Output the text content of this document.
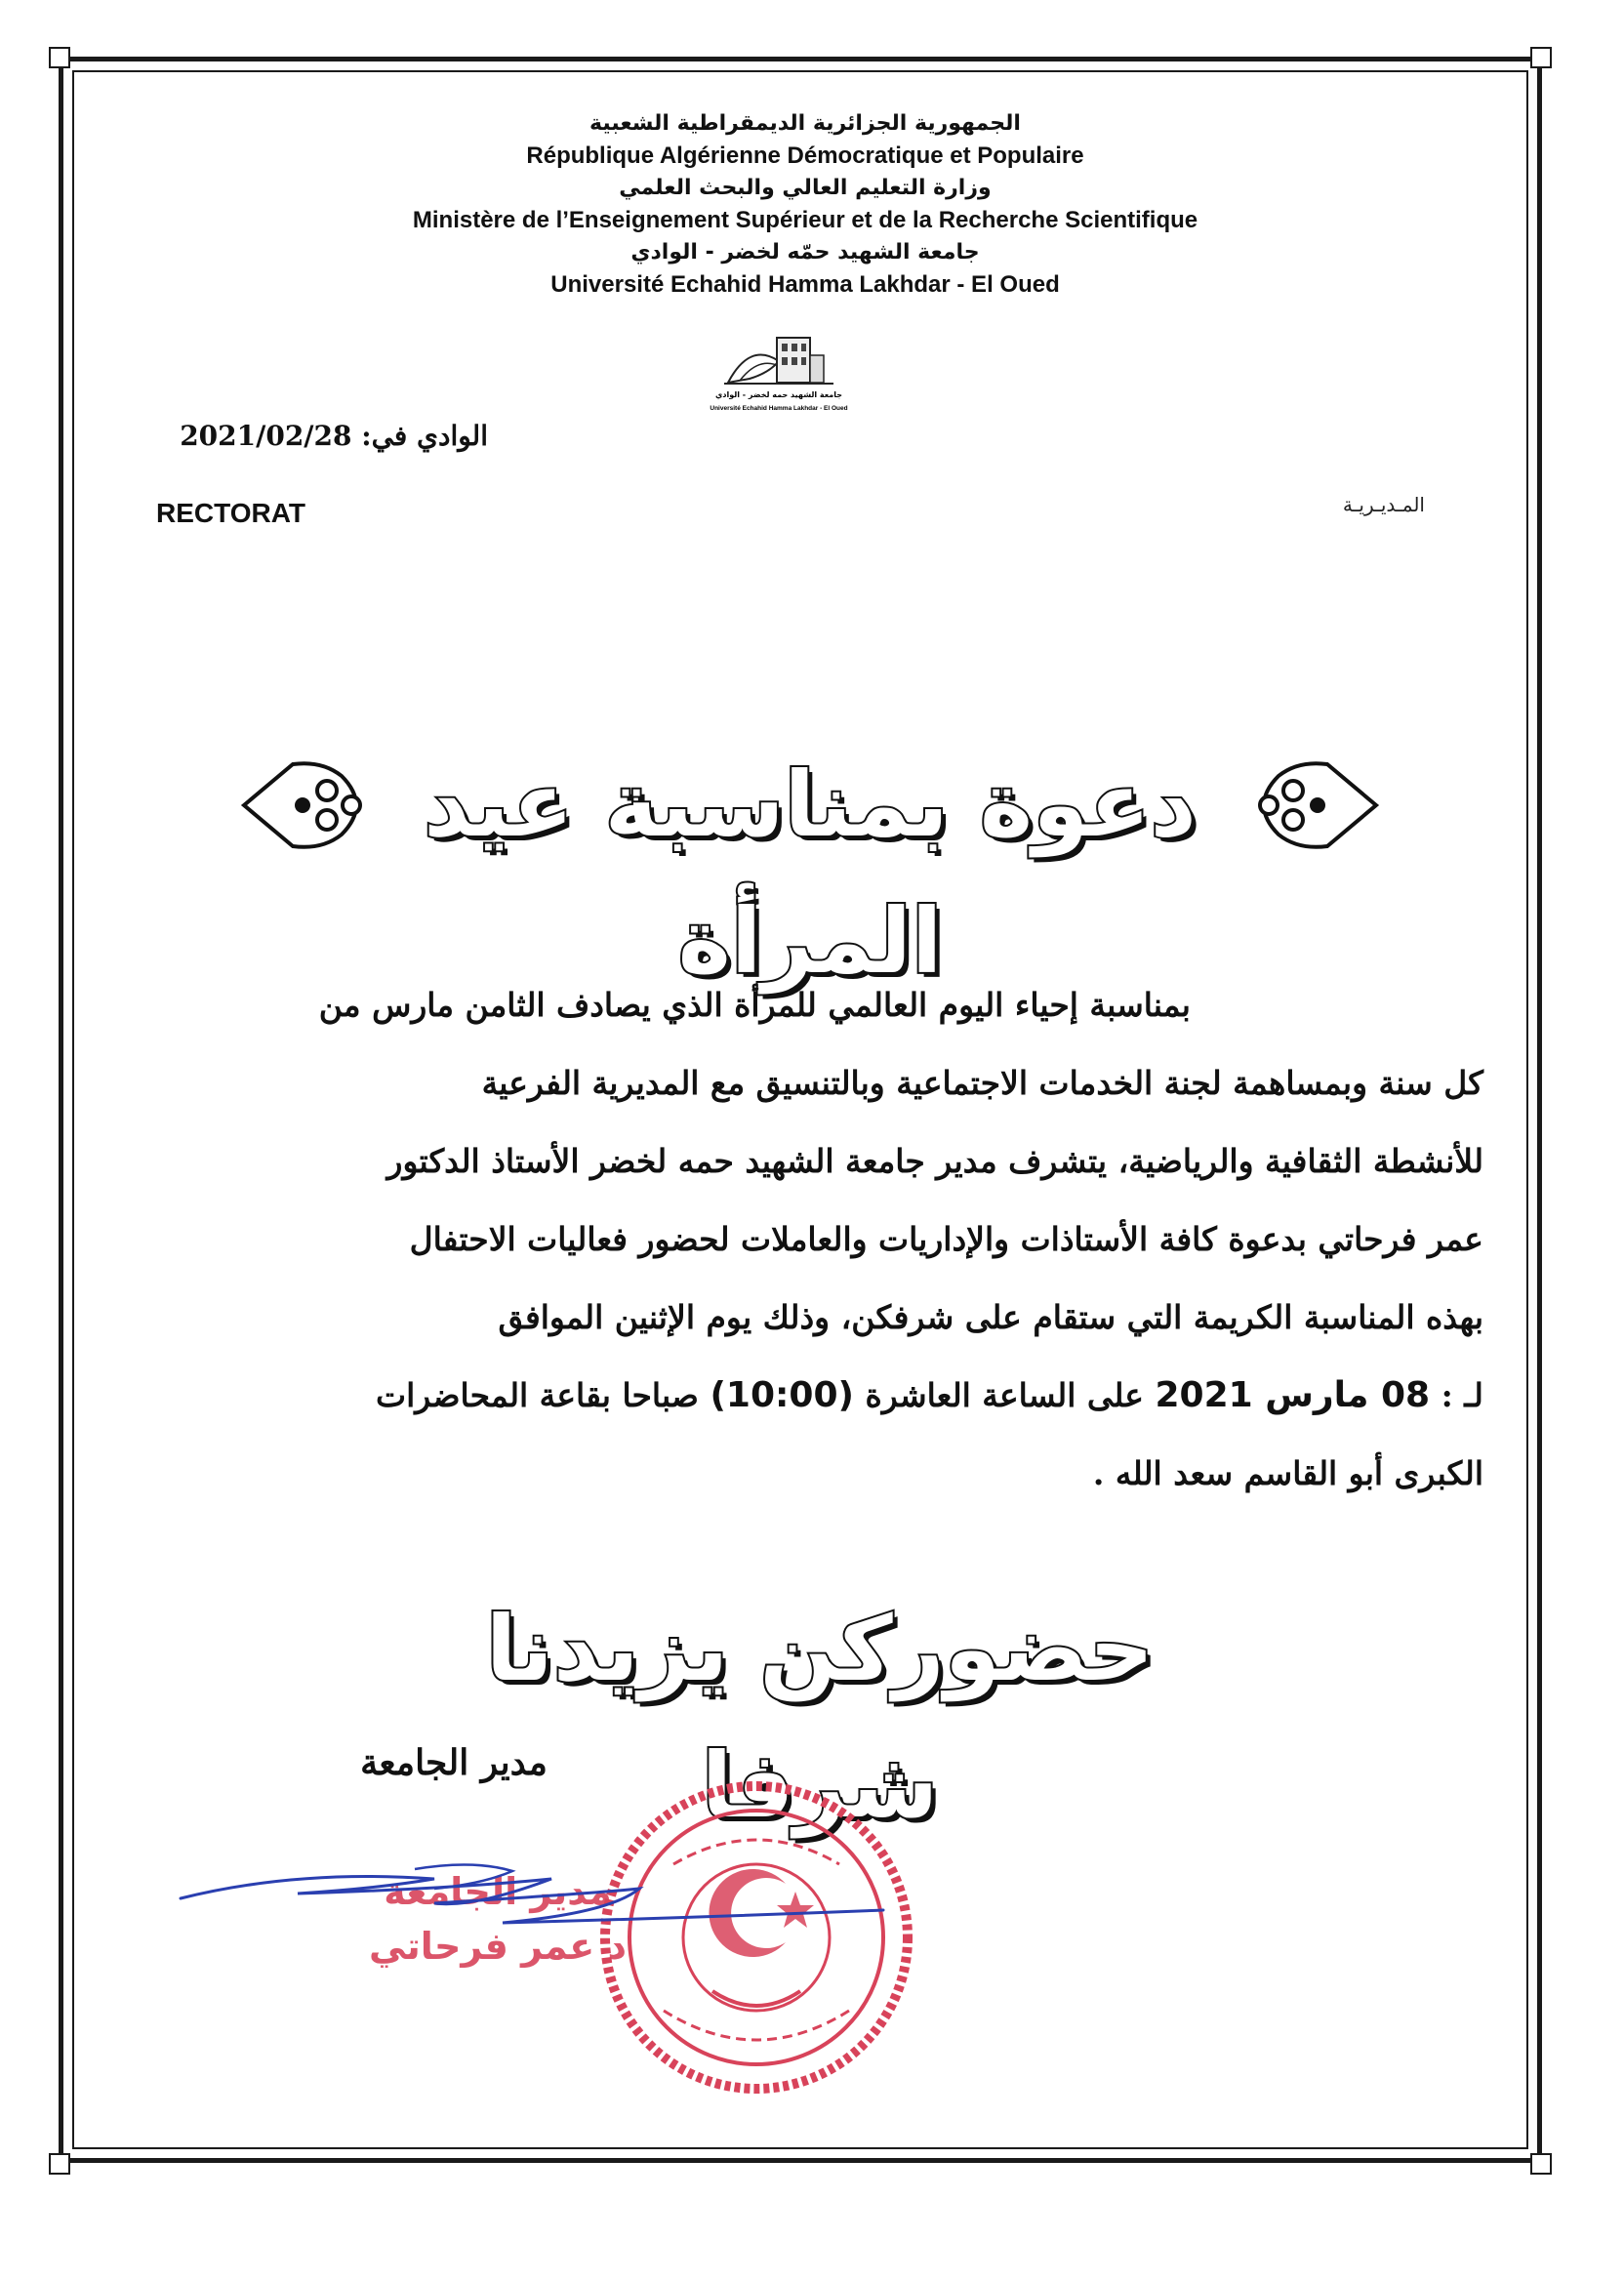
الجمهورية الجزائرية الديمقراطية الشعبية
République Algérienne Démocratique et Populaire
وزارة التعليم العالي والبحث العلمي
Ministère de l’Enseignement Supérieur et de la Recherche Scientifique
جامعة الشهيد حمّه لخضر - الوادي
Université Echahid Hamma Lakhdar - El Oued
جامعة الشهيد حمه لخضر - الوادي
Université Echahid Hamma Lakhdar - El Oued
الوادي في: 2021/02/28
RECTORAT	المـديـريـة
دعوة بمناسبة عيد المرأة

بمناسبة إحياء اليوم العالمي للمرأة الذي يصادف الثامن مارس من

كل سنة وبمساهمة لجنة الخدمات الاجتماعية وبالتنسيق مع المديرية الفرعية

للأنشطة الثقافية والرياضية، يتشرف مدير جامعة الشهيد حمه لخضر الأستاذ الدكتور

عمر فرحاتي بدعوة كافة الأستاذات والإداريات والعاملات لحضور فعاليات الاحتفال

بهذه المناسبة الكريمة التي ستقام على شرفكن، وذلك يوم الإثنين الموافق

لـ : 08 مارس 2021 على الساعة العاشرة (10:00) صباحا بقاعة المحاضرات

الكبرى أبو القاسم سعد الله .

حضوركن يزيدنا شرفا
مدير الجامعة
مدير الجامعة
د عمر فرحاتي
